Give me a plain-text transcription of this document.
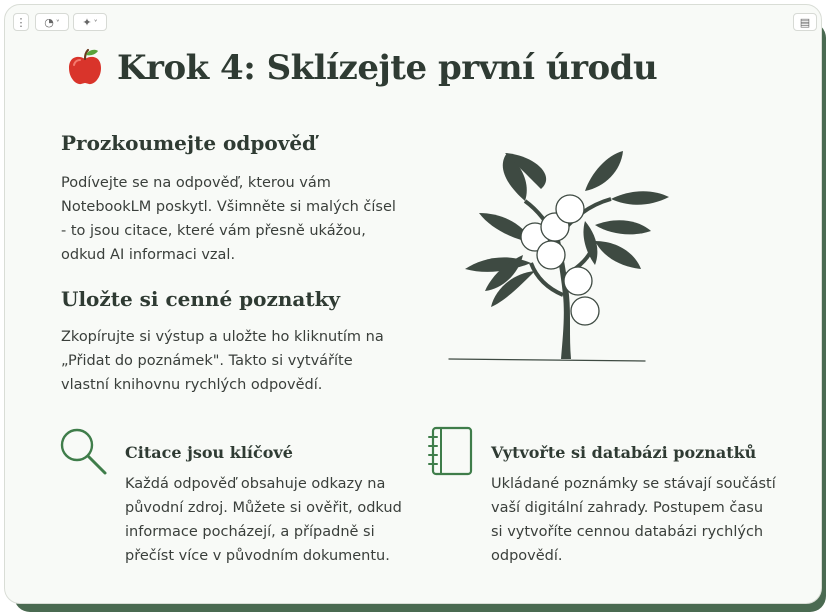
⋮	◔ ˅	✦ ˅	▤
Krok 4: Sklízejte první úrodu
Prozkoumejte odpověď

Podívejte se na odpověď, kterou vám
NotebookLM poskytl. Všimněte si malých čísel
- to jsou citace, které vám přesně ukážou,
odkud AI informaci vzal.

Uložte si cenné poznatky

Zkopírujte si výstup a uložte ho kliknutím na
„Přidat do poznámek". Takto si vytváříte
vlastní knihovnu rychlých odpovědí.

Citace jsou klíčové

Každá odpověď obsahuje odkazy na
původní zdroj. Můžete si ověřit, odkud
informace pocházejí, a případně si
přečíst více v původním dokumentu.

Vytvořte si databázi poznatků

Ukládané poznámky se stávají součástí
vaší digitální zahrady. Postupem času
si vytvoříte cennou databázi rychlých
odpovědí.
